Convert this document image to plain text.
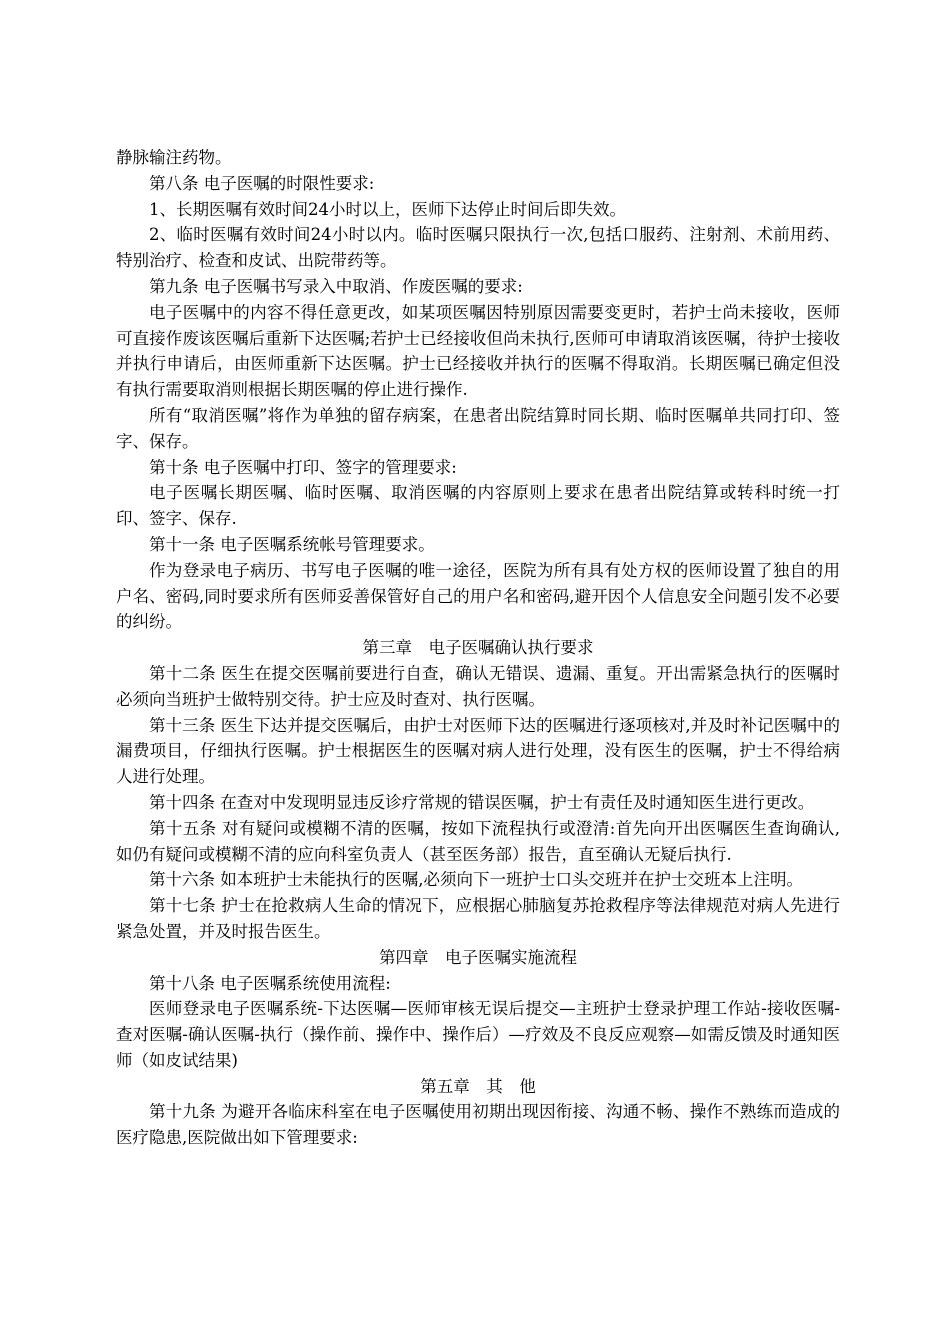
静脉输注药物。

第八条 电子医嘱的时限性要求:

1、长期医嘱有效时间24小时以上，医师下达停止时间后即失效。

2、临时医嘱有效时间24小时以内。临时医嘱只限执行一次,包括口服药、注射剂、术前用药、特别治疗、检查和皮试、出院带药等。

第九条 电子医嘱书写录入中取消、作废医嘱的要求:

电子医嘱中的内容不得任意更改，如某项医嘱因特别原因需要变更时，若护士尚未接收，医师可直接作废该医嘱后重新下达医嘱;若护士已经接收但尚未执行,医师可申请取消该医嘱，待护士接收并执行申请后，由医师重新下达医嘱。护士已经接收并执行的医嘱不得取消。长期医嘱已确定但没有执行需要取消则根据长期医嘱的停止进行操作.

所有“取消医嘱”将作为单独的留存病案，在患者出院结算时同长期、临时医嘱单共同打印、签字、保存。

第十条 电子医嘱中打印、签字的管理要求:

电子医嘱长期医嘱、临时医嘱、取消医嘱的内容原则上要求在患者出院结算或转科时统一打印、签字、保存.

第十一条 电子医嘱系统帐号管理要求。

作为登录电子病历、书写电子医嘱的唯一途径，医院为所有具有处方权的医师设置了独自的用户名、密码,同时要求所有医师妥善保管好自己的用户名和密码,避开因个人信息安全问题引发不必要的纠纷。

第三章　电子医嘱确认执行要求

第十二条 医生在提交医嘱前要进行自查，确认无错误、遗漏、重复。开出需紧急执行的医嘱时必须向当班护士做特别交待。护士应及时查对、执行医嘱。

第十三条 医生下达并提交医嘱后，由护士对医师下达的医嘱进行逐项核对,并及时补记医嘱中的漏费项目，仔细执行医嘱。护士根据医生的医嘱对病人进行处理，没有医生的医嘱，护士不得给病人进行处理。

第十四条 在查对中发现明显违反诊疗常规的错误医嘱，护士有责任及时通知医生进行更改。

第十五条 对有疑问或模糊不清的医嘱，按如下流程执行或澄清:首先向开出医嘱医生查询确认,如仍有疑问或模糊不清的应向科室负责人（甚至医务部）报告，直至确认无疑后执行.

第十六条 如本班护士未能执行的医嘱,必须向下一班护士口头交班并在护士交班本上注明。

第十七条 护士在抢救病人生命的情况下，应根据心肺脑复苏抢救程序等法律规范对病人先进行紧急处置，并及时报告医生。

第四章　电子医嘱实施流程

第十八条 电子医嘱系统使用流程:

医师登录电子医嘱系统-下达医嘱—医师审核无误后提交—主班护士登录护理工作站-接收医嘱-查对医嘱-确认医嘱-执行（操作前、操作中、操作后）—疗效及不良反应观察—如需反馈及时通知医师（如皮试结果)

第五章　其　他

第十九条 为避开各临床科室在电子医嘱使用初期出现因衔接、沟通不畅、操作不熟练而造成的医疗隐患,医院做出如下管理要求:
